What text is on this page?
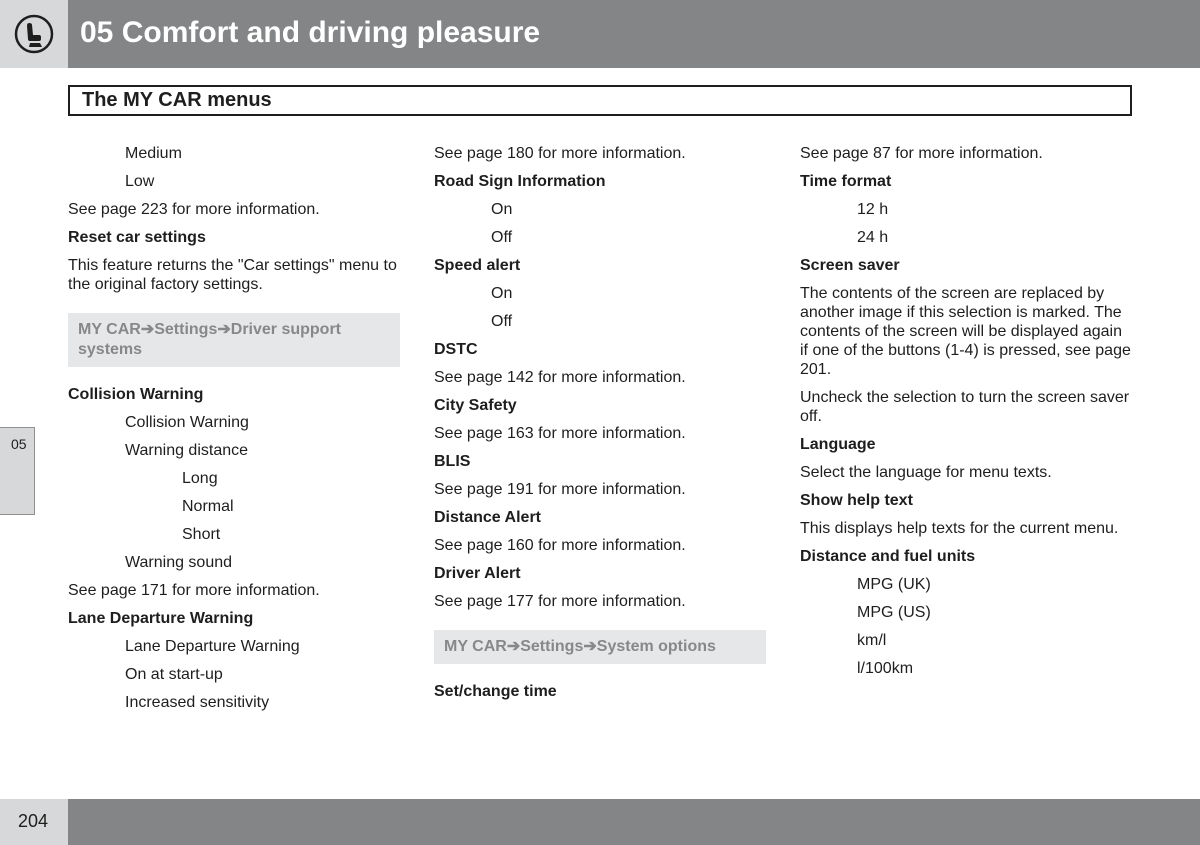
05 Comfort and driving pleasure
The MY CAR menus
05

Medium

Low

See page 223 for more information.

Reset car settings

This feature returns the "Car settings" menu to the original factory settings.

MY CAR➔Settings➔Driver support systems

Collision Warning

Collision Warning

Warning distance

Long

Normal

Short

Warning sound

See page 171 for more information.

Lane Departure Warning

Lane Departure Warning

On at start-up

Increased sensitivity

See page 180 for more information.

Road Sign Information

On

Off

Speed alert

On

Off

DSTC

See page 142 for more information.

City Safety

See page 163 for more information.

BLIS

See page 191 for more information.

Distance Alert

See page 160 for more information.

Driver Alert

See page 177 for more information.

MY CAR➔Settings➔System options

Set/change time

See page 87 for more information.

Time format

12 h

24 h

Screen saver

The contents of the screen are replaced by another image if this selection is marked. The contents of the screen will be displayed again if one of the buttons (1-4) is pressed, see page 201.

Uncheck the selection to turn the screen saver off.

Language

Select the language for menu texts.

Show help text

This displays help texts for the current menu.

Distance and fuel units

MPG (UK)

MPG (US)

km/l

l/100km

204
